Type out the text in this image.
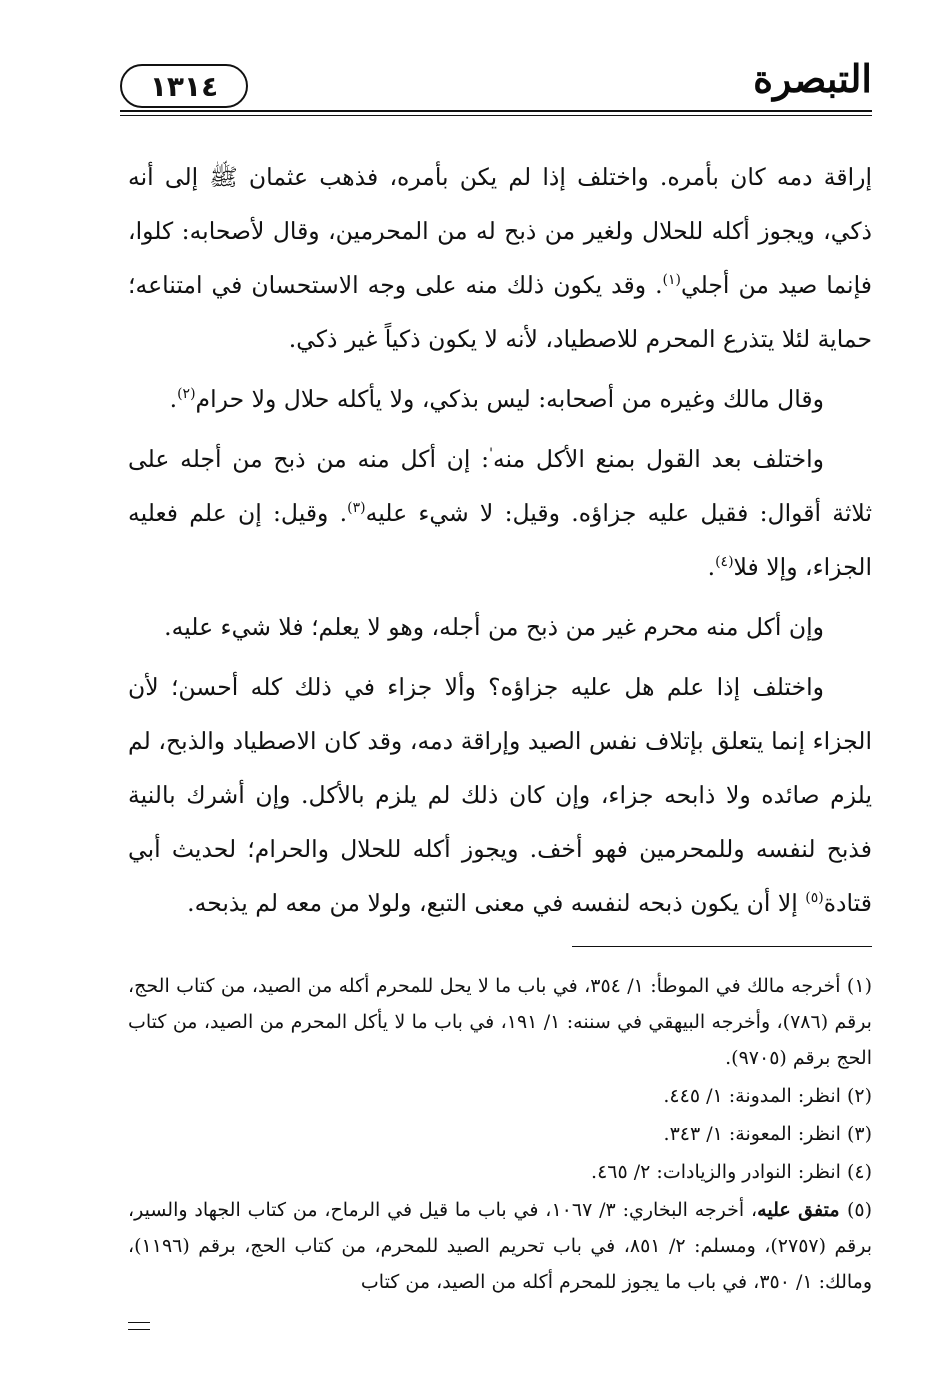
١٣١٤	التبصرة

إراقة دمه كان بأمره. واختلف إذا لم يكن بأمره، فذهب عثمان ﷺ إلى أنه ذكي، ويجوز أكله للحلال ولغير من ذبح له من المحرمين، وقال لأصحابه: كلوا، فإنما صيد من أجلي$^{(١)}$. وقد يكون ذلك منه على وجه الاستحسان في امتناعه؛ حماية لئلا يتذرع المحرم للاصطياد، لأنه لا يكون ذكياً غير ذكي.

وقال مالك وغيره من أصحابه: ليس بذكي، ولا يأكله حلال ولا حرام$^{(٢)}$.

واختلف بعد القول بمنع الأكل منه': إن أكل منه من ذبح من أجله على ثلاثة أقوال: فقيل عليه جزاؤه. وقيل: لا شيء عليه$^{(٣)}$. وقيل: إن علم فعليه الجزاء، وإلا فلا$^{(٤)}$.

وإن أكل منه محرم غير من ذبح من أجله، وهو لا يعلم؛ فلا شيء عليه.

واختلف إذا علم هل عليه جزاؤه؟ وألا جزاء في ذلك كله أحسن؛ لأن الجزاء إنما يتعلق بإتلاف نفس الصيد وإراقة دمه، وقد كان الاصطياد والذبح، لم يلزم صائده ولا ذابحه جزاء، وإن كان ذلك لم يلزم بالأكل. وإن أشرك بالنية فذبح لنفسه وللمحرمين فهو أخف. ويجوز أكله للحلال والحرام؛ لحديث أبي قتادة$^{(٥)}$ إلا أن يكون ذبحه لنفسه في معنى التبع، ولولا من معه لم يذبحه.

(١) أخرجه مالك في الموطأ: ١/ ٣٥٤، في باب ما لا يحل للمحرم أكله من الصيد، من كتاب الحج، برقم (٧٨٦)، وأخرجه البيهقي في سننه: ١/ ١٩١، في باب ما لا يأكل المحرم من الصيد، من كتاب الحج برقم (٩٧٠٥).

(٢) انظر: المدونة: ١/ ٤٤٥.

(٣) انظر: المعونة: ١/ ٣٤٣.

(٤) انظر: النوادر والزيادات: ٢/ ٤٦٥.

(٥) متفق عليه، أخرجه البخاري: ٣/ ١٠٦٧، في باب ما قيل في الرماح، من كتاب الجهاد والسير، برقم (٢٧٥٧)، ومسلم: ٢/ ٨٥١، في باب تحريم الصيد للمحرم، من كتاب الحج، برقم (١١٩٦)، ومالك: ١/ ٣٥٠، في باب ما يجوز للمحرم أكله من الصيد، من كتاب
